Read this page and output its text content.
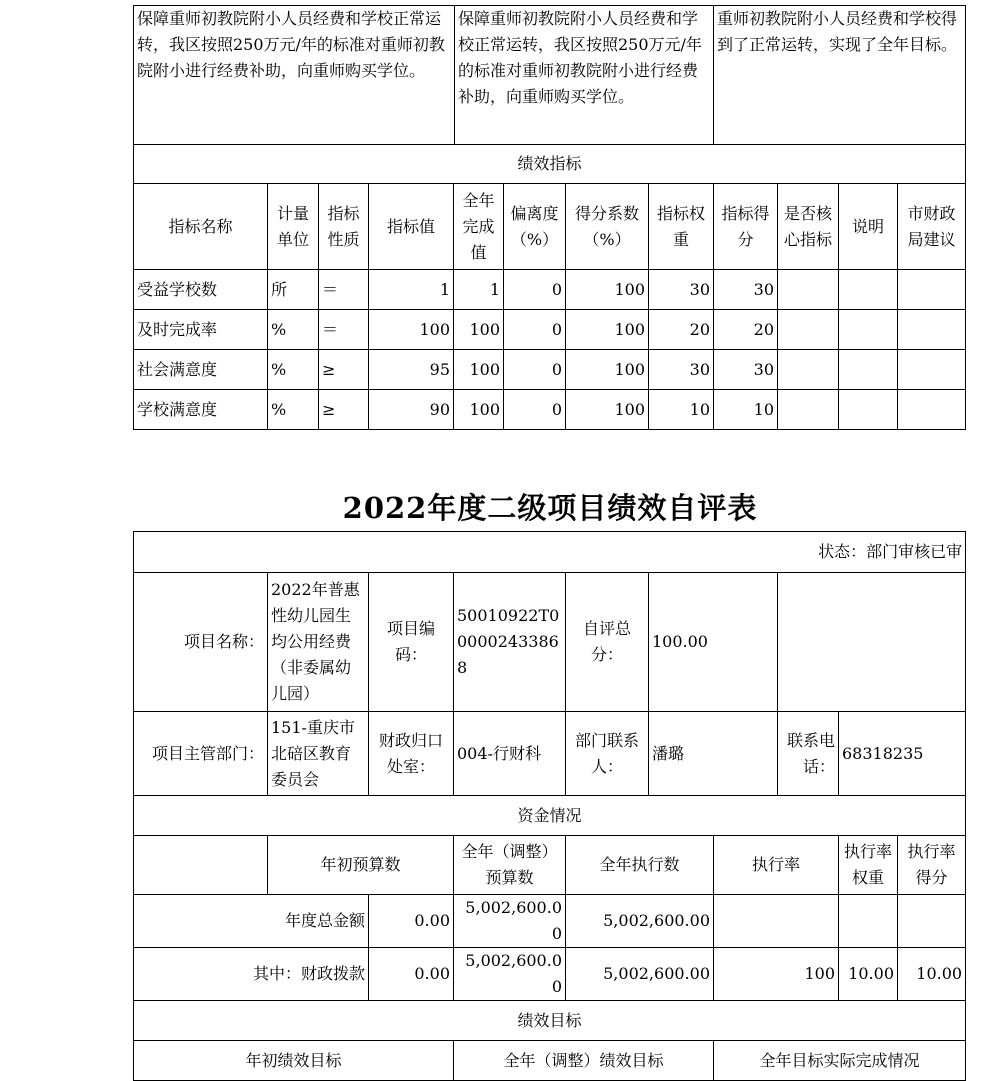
保障重师初教院附小人员经费和学校正常运转，我区按照250万元/年的标准对重师初教院附小进行经费补助，向重师购买学位。	保障重师初教院附小人员经费和学校正常运转，我区按照250万元/年的标准对重师初教院附小进行经费补助，向重师购买学位。	重师初教院附小人员经费和学校得到了正常运转，实现了全年目标。
绩效指标
指标名称	计量单位	指标性质	指标值	全年完成值	偏离度（%）	得分系数（%）	指标权重	指标得分	是否核心指标	说明	市财政局建议
受益学校数	所	＝	1	1	0	100	30	30			
及时完成率	%	＝	100	100	0	100	20	20			
社会满意度	%	≥	95	100	0	100	30	30			
学校满意度	%	≥	90	100	0	100	10	10			
2022年度二级项目绩效自评表
状态：部门审核已审									
项目名称：	2022年普惠性幼儿园生均公用经费（非委属幼儿园）	项目编码：	50010922T000002433868	自评总分：	100.00				
项目主管部门：	151-重庆市北碚区教育委员会	财政归口处室：	004-行财科	部门联系人：	潘璐		联系电话：	68318235	
资金情况									
	年初预算数		全年（调整）预算数	全年执行数		执行率		执行率权重	执行率得分
年度总金额		0.00	5,002,600.00	5,002,600.00					
其中：财政拨款		0.00	5,002,600.00	5,002,600.00		100		10.00	10.00
绩效目标									
年初绩效目标			全年（调整）绩效目标			全年目标实际完成情况			
